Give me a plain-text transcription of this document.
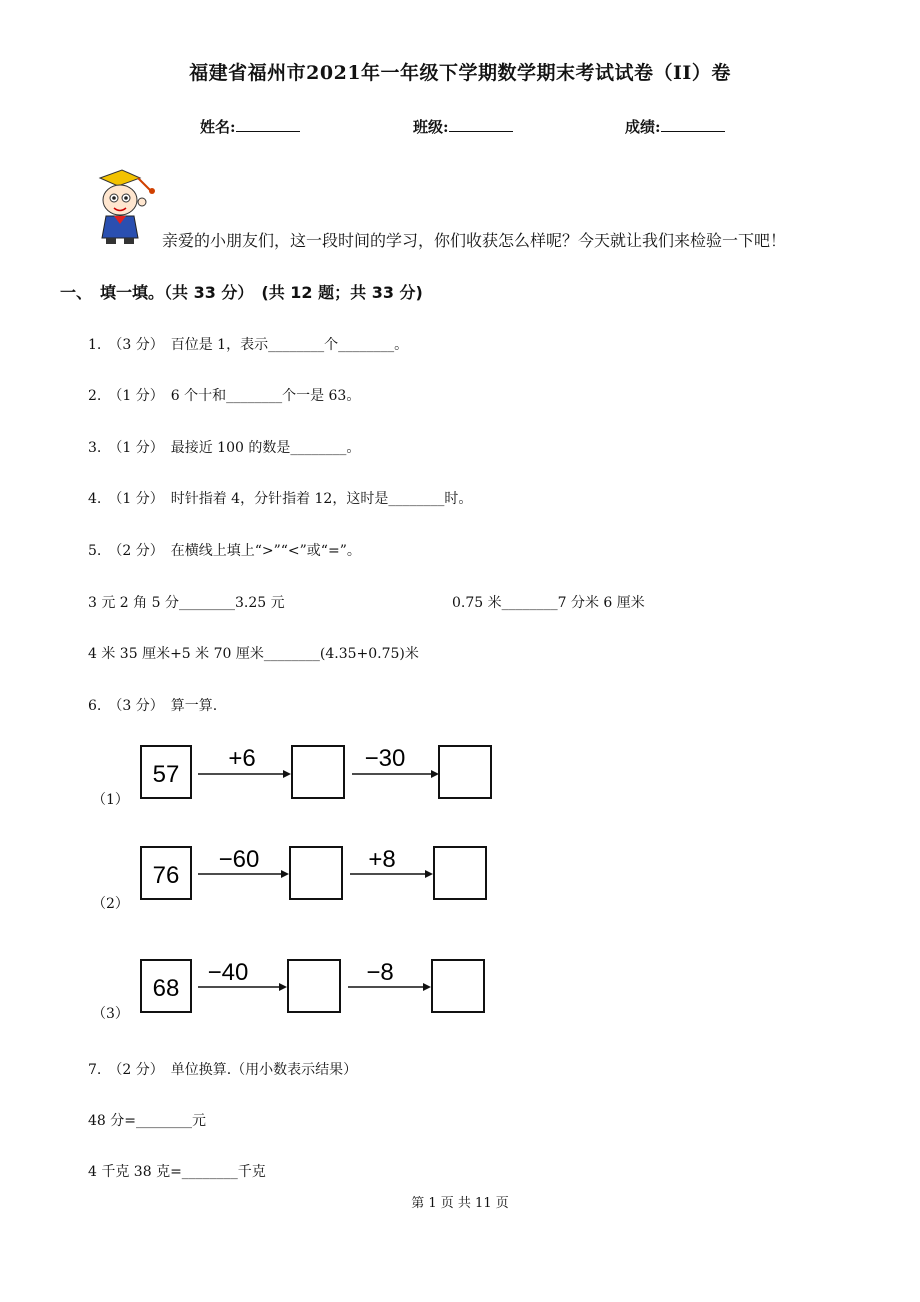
福建省福州市2021年一年级下学期数学期末考试试卷（II）卷
姓名:	班级:	成绩:
亲爱的小朋友们，这一段时间的学习，你们收获怎么样呢？今天就让我们来检验一下吧！
一、　填一填。（共 33 分）　(共 12 题；共 33 分)
1.　（3 分）　百位是 1，表示________个________。
2.　（1 分）　6 个十和________个一是 63。
3.　（1 分）　最接近 100 的数是________。
4.　（1 分）　时针指着 4，分针指着 12，这时是________时。
5.　（2 分）　在横线上填上“>”“<”或“=”。
3 元 2 角 5 分________3.25 元	0.75 米________7 分米 6 厘米
4 米 35 厘米+5 米 70 厘米________(4.35+0.75)米
6.　（3 分）　算一算.
（1）
57
+6	−30
（2）
76
−60	+8
（3）
68
−40	−8
7.　（2 分）　单位换算.（用小数表示结果）
48 分=________元
4 千克 38 克=________千克
第 1 页 共 11 页
